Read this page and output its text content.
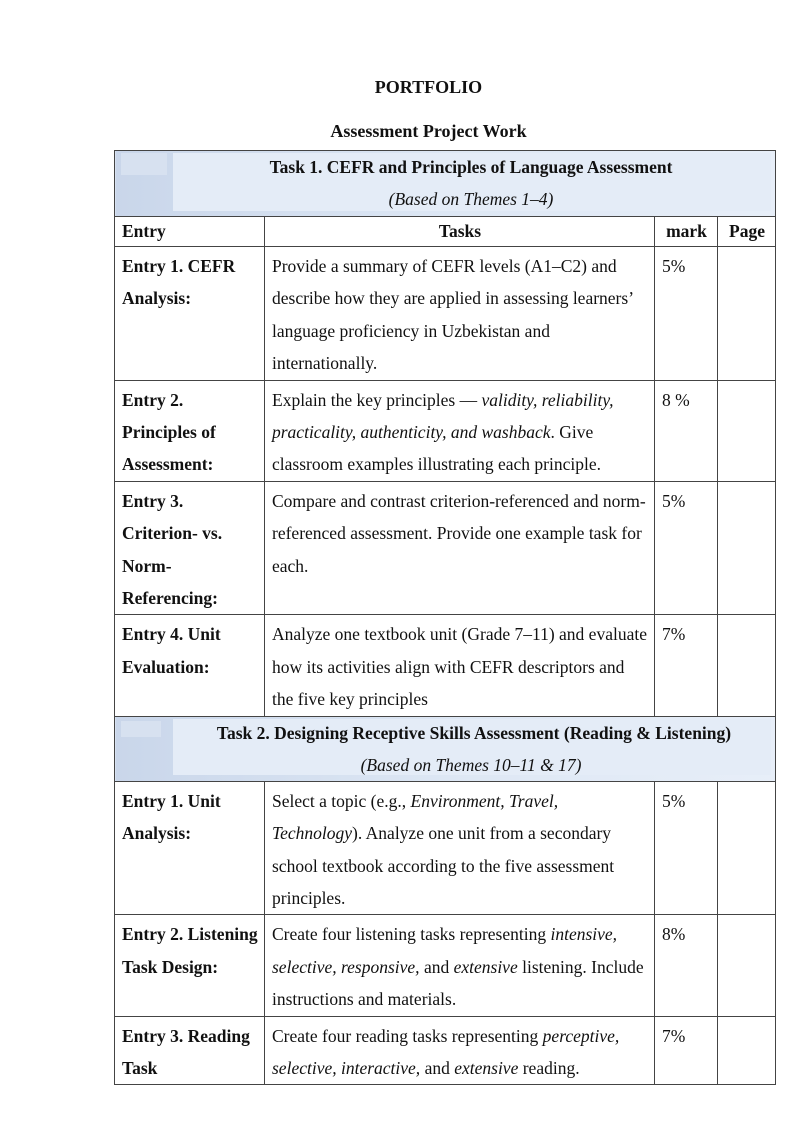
PORTFOLIO
Assessment Project Work
Task 1. CEFR and Principles of Language Assessment
(Based on Themes 1–4)			

Entry	Tasks	mark	Page
Entry 1. CEFR Analysis:	Provide a summary of CEFR levels (A1–C2) and describe how they are applied in assessing learners’ language proficiency in Uzbekistan and internationally.	5%	
Entry 2. Principles of Assessment:	Explain the key principles — validity, reliability, practicality, authenticity, and washback. Give classroom examples illustrating each principle.	8 %	
Entry 3. Criterion- vs. Norm-Referencing:	Compare and contrast criterion-referenced and norm-referenced assessment. Provide one example task for each.	5%	
Entry 4. Unit Evaluation:	Analyze one textbook unit (Grade 7–11) and evaluate how its activities align with CEFR descriptors and the five key principles	7%	

Task 2. Designing Receptive Skills Assessment (Reading & Listening)
(Based on Themes 10–11 & 17)			

Entry 1. Unit Analysis:	Select a topic (e.g., Environment, Travel, Technology). Analyze one unit from a secondary school textbook according to the five assessment principles.	5%	
Entry 2. Listening Task Design:	Create four listening tasks representing intensive, selective, responsive, and extensive listening. Include instructions and materials.	8%	
Entry 3. Reading Task	Create four reading tasks representing perceptive, selective, interactive, and extensive reading.	7%	
